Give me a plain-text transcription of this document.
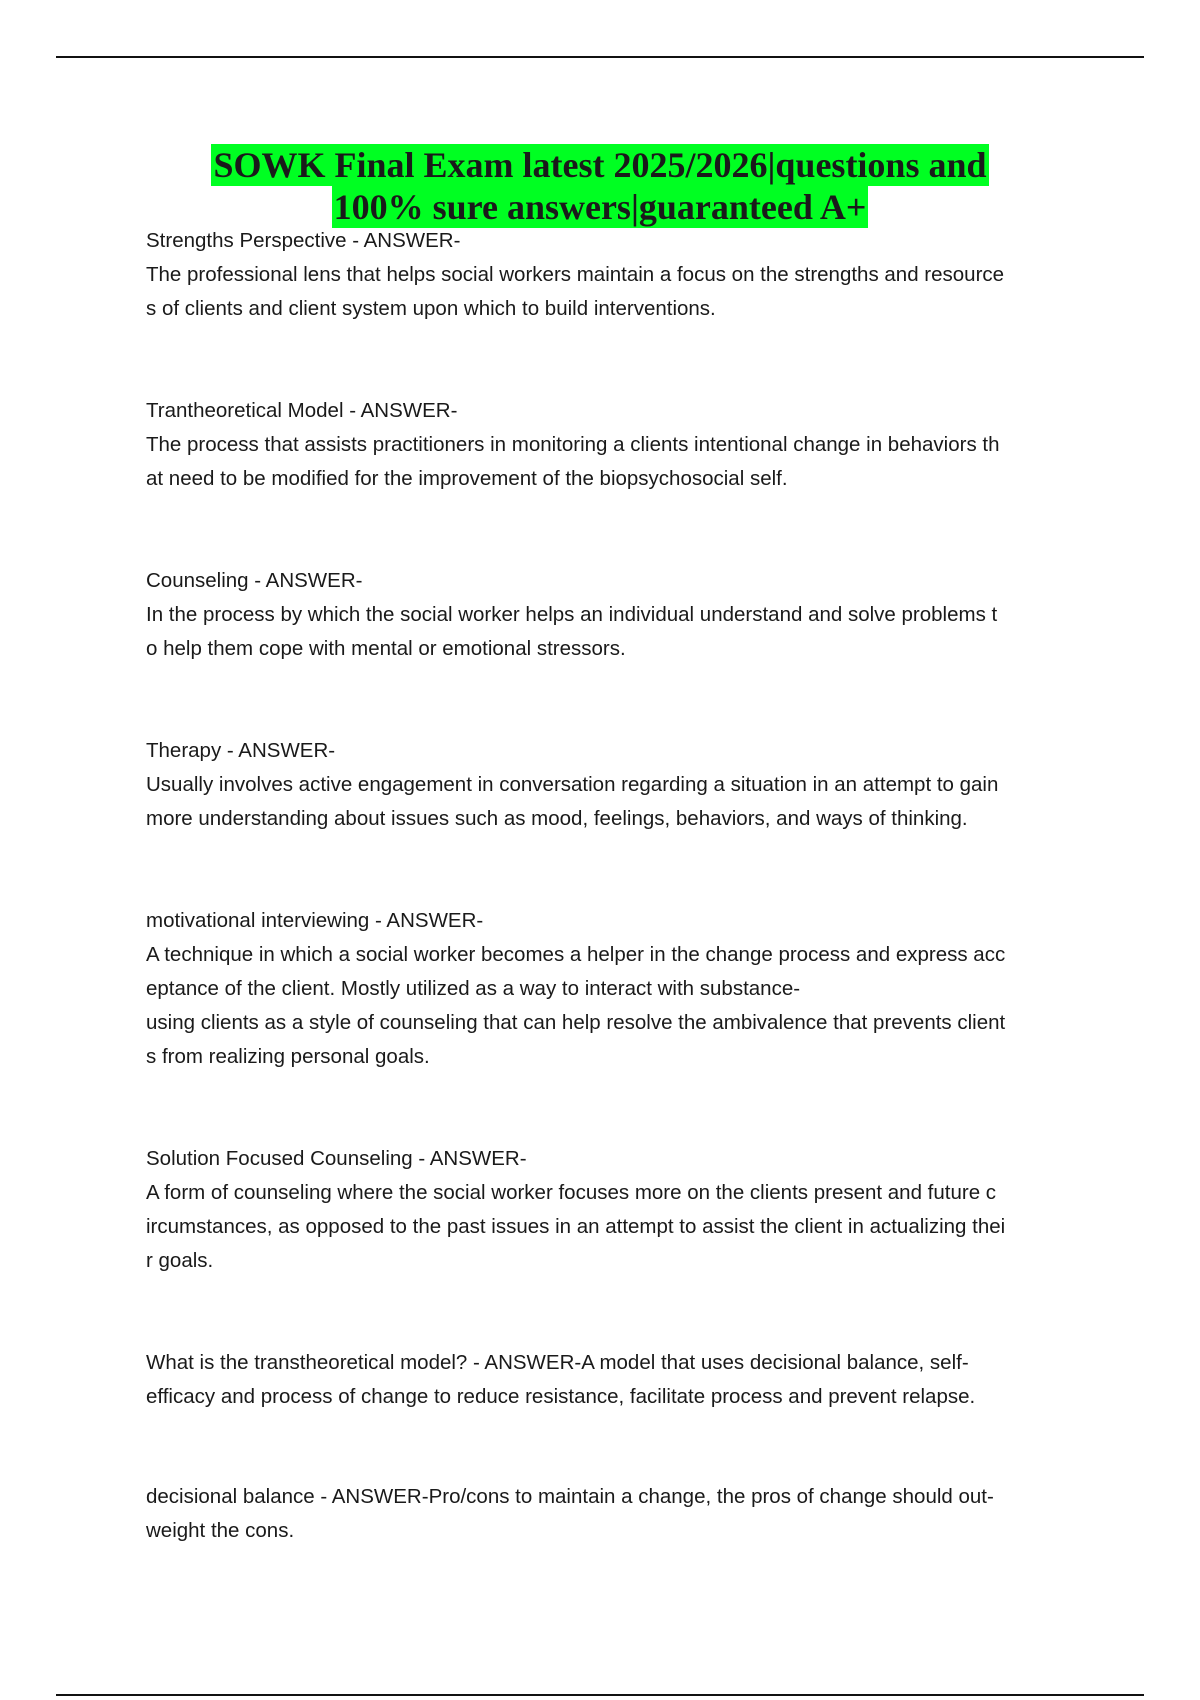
SOWK Final Exam latest 2025/2026|questions and
100% sure answers|guaranteed A+
Strengths Perspective - ANSWER-
The professional lens that helps social workers maintain a focus on the strengths and resource
s of clients and client system upon which to build interventions.
Trantheoretical Model - ANSWER-
The process that assists practitioners in monitoring a clients intentional change in behaviors th
at need to be modified for the improvement of the biopsychosocial self.
Counseling - ANSWER-
In the process by which the social worker helps an individual understand and solve problems t
o help them cope with mental or emotional stressors.
Therapy - ANSWER-
Usually involves active engagement in conversation regarding a situation in an attempt to gain
more understanding about issues such as mood, feelings, behaviors, and ways of thinking.
motivational interviewing - ANSWER-
A technique in which a social worker becomes a helper in the change process and express acc
eptance of the client. Mostly utilized as a way to interact with substance-
using clients as a style of counseling that can help resolve the ambivalence that prevents client
s from realizing personal goals.
Solution Focused Counseling - ANSWER-
A form of counseling where the social worker focuses more on the clients present and future c
ircumstances, as opposed to the past issues in an attempt to assist the client in actualizing thei
r goals.
What is the transtheoretical model? - ANSWER-A model that uses decisional balance, self-
efficacy and process of change to reduce resistance, facilitate process and prevent relapse.
decisional balance - ANSWER-Pro/cons to maintain a change, the pros of change should out-
weight the cons.
